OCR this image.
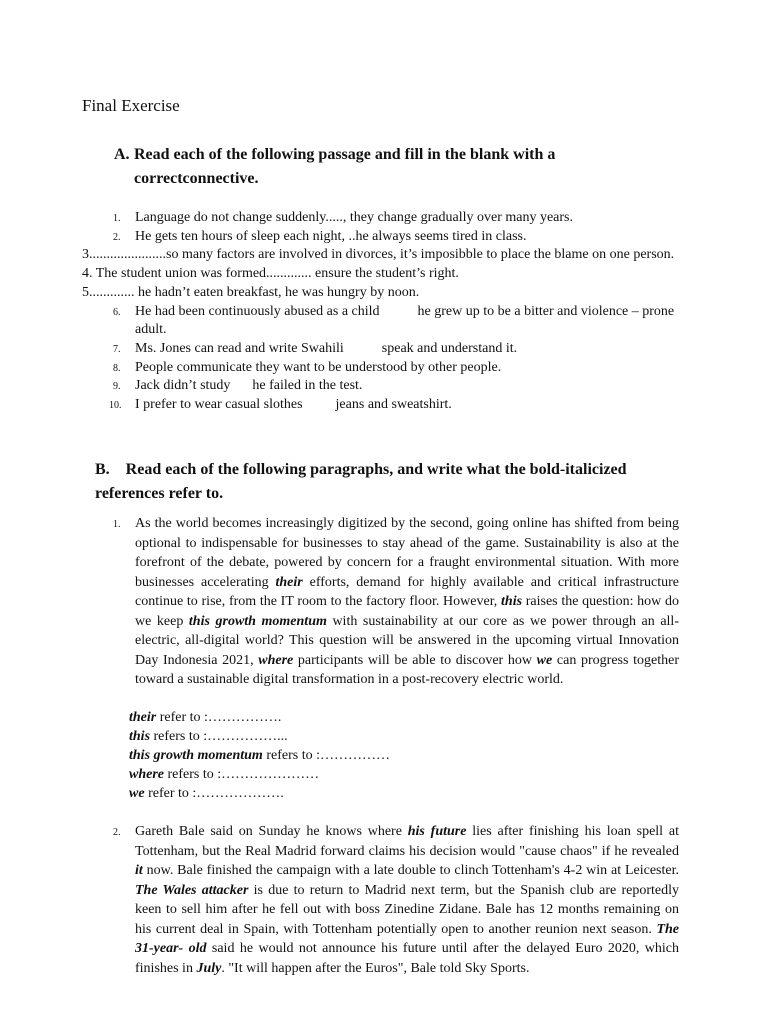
Final Exercise
A. Read each of the following passage and fill in the blank with a correctconnective.
1. Language do not change suddenly....., they change gradually over many years.
2. He gets ten hours of sleep each night, ..he always seems tired in class.
3......................so many factors are involved in divorces, it’s imposibble to place the blame on one person.
4. The student union was formed............. ensure the student’s right.
5............. he hadn’t eaten breakfast, he was hungry by noon.
6. He had been continuously abused as a child	he grew up to be a bitter and violence – prone adult.
7. Ms. Jones can read and write Swahili	speak and understand it.
8. People communicate they want to be understood by other people.
9. Jack didn’t study he failed in the test.
10. I prefer to wear casual slothes jeans and sweatshirt.
B. Read each of the following paragraphs, and write what the bold-italicized references refer to.
1. As the world becomes increasingly digitized by the second, going online has shifted from being optional to indispensable for businesses to stay ahead of the game. Sustainability is also at the forefront of the debate, powered by concern for a fraught environmental situation. With more businesses accelerating their efforts, demand for highly available and critical infrastructure continue to rise, from the IT room to the factory floor. However, this raises the question: how do we keep this growth momentum with sustainability at our core as we power through an all-electric, all-digital world? This question will be answered in the upcoming virtual Innovation Day Indonesia 2021, where participants will be able to discover how we can progress together toward a sustainable digital transformation in a post-recovery electric world.
their refer to :…………….
this refers to :……………...
this growth momentum refers to :……………
where refers to :…………………
we refer to :……………….
2. Gareth Bale said on Sunday he knows where his future lies after finishing his loan spell at Tottenham, but the Real Madrid forward claims his decision would "cause chaos" if he revealed it now. Bale finished the campaign with a late double to clinch Tottenham's 4-2 win at Leicester. The Wales attacker is due to return to Madrid next term, but the Spanish club are reportedly keen to sell him after he fell out with boss Zinedine Zidane. Bale has 12 months remaining on his current deal in Spain, with Tottenham potentially open to another reunion next season. The 31-year- old said he would not announce his future until after the delayed Euro 2020, which finishes in July. "It will happen after the Euros", Bale told Sky Sports.
